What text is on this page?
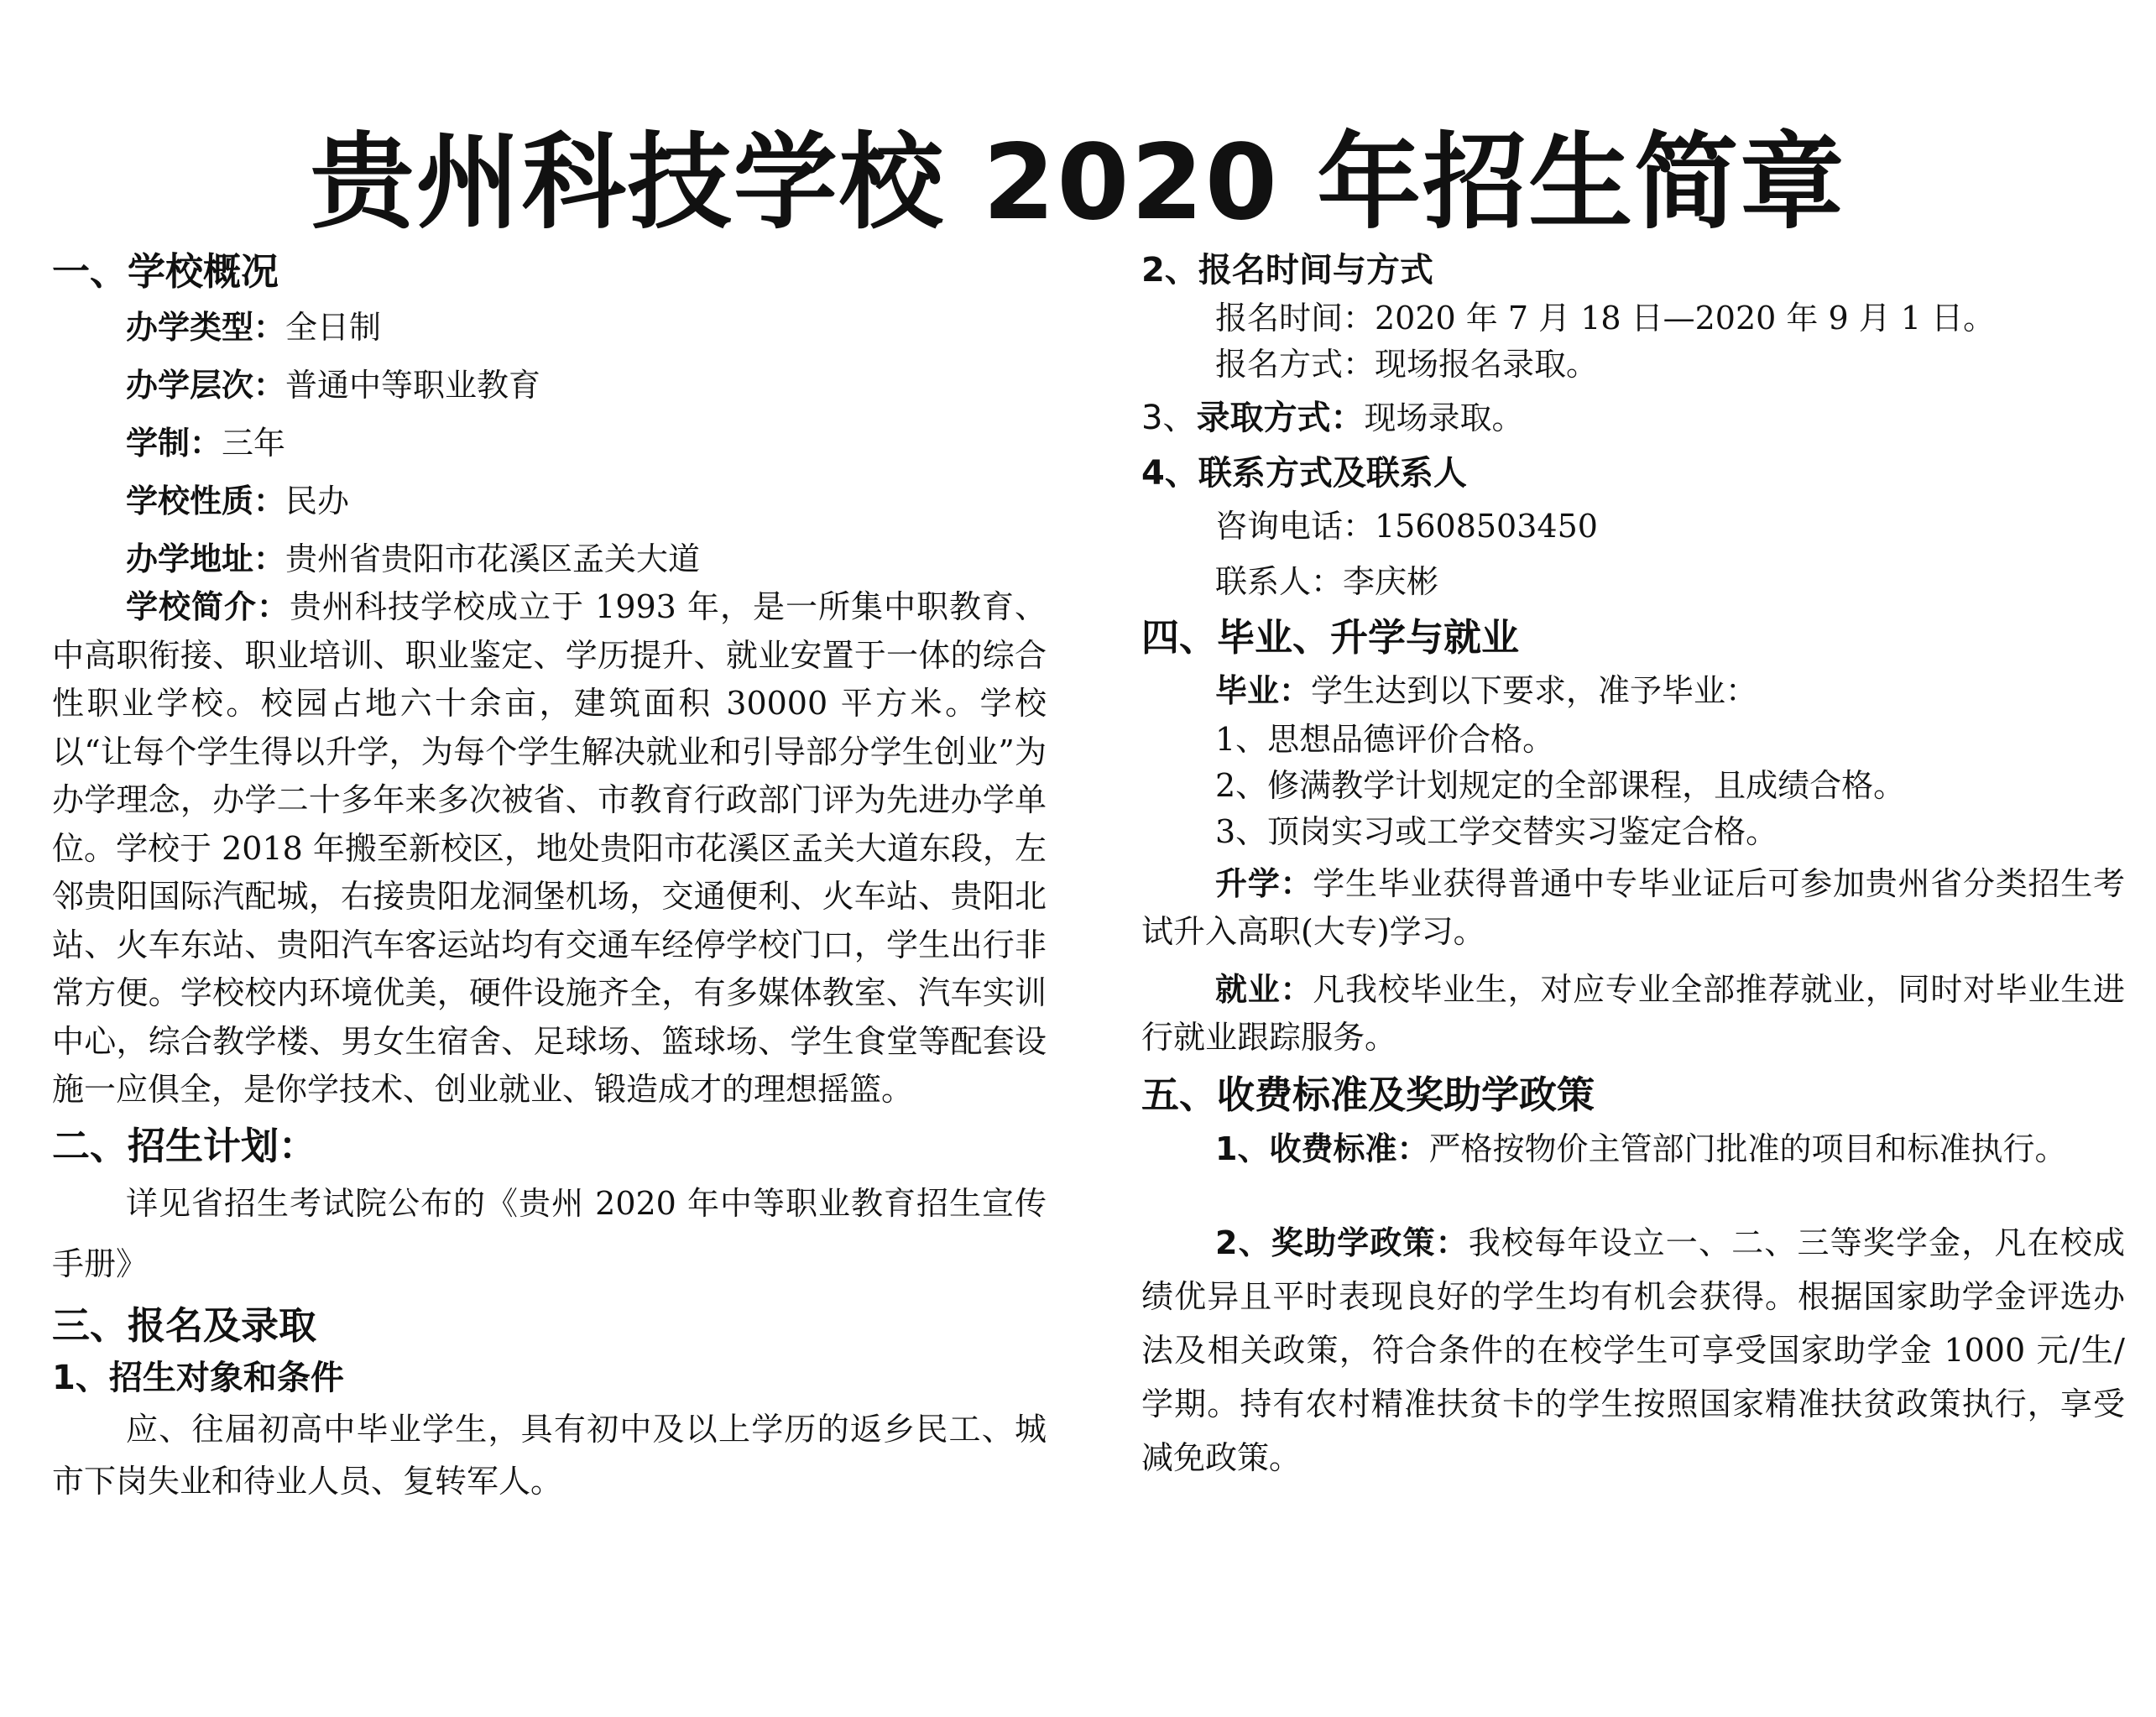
贵州科技学校 2020 年招生简章

一、学校概况

办学类型：全日制

办学层次：普通中等职业教育

学制：三年

学校性质：民办

办学地址：贵州省贵阳市花溪区孟关大道

学校简介：贵州科技学校成立于 1993 年，是一所集中职教育、中高职衔接、职业培训、职业鉴定、学历提升、就业安置于一体的综合性职业学校。校园占地六十余亩，建筑面积 30000 平方米。学校以“让每个学生得以升学，为每个学生解决就业和引导部分学生创业”为办学理念，办学二十多年来多次被省、市教育行政部门评为先进办学单位。学校于 2018 年搬至新校区，地处贵阳市花溪区孟关大道东段，左邻贵阳国际汽配城，右接贵阳龙洞堡机场，交通便利、火车站、贵阳北站、火车东站、贵阳汽车客运站均有交通车经停学校门口，学生出行非常方便。学校校内环境优美，硬件设施齐全，有多媒体教室、汽车实训中心，综合教学楼、男女生宿舍、足球场、篮球场、学生食堂等配套设施一应俱全，是你学技术、创业就业、锻造成才的理想摇篮。

二、招生计划：

详见省招生考试院公布的《贵州 2020 年中等职业教育招生宣传手册》

三、报名及录取

1、招生对象和条件

应、往届初高中毕业学生，具有初中及以上学历的返乡民工、城市下岗失业和待业人员、复转军人。

2、报名时间与方式

报名时间：2020 年 7 月 18 日—2020 年 9 月 1 日。

报名方式：现场报名录取。

3、录取方式：现场录取。

4、联系方式及联系人

咨询电话：15608503450

联系人：李庆彬

四、毕业、升学与就业

毕业：学生达到以下要求，准予毕业：

1、思想品德评价合格。

2、修满教学计划规定的全部课程，且成绩合格。

3、顶岗实习或工学交替实习鉴定合格。

升学：学生毕业获得普通中专毕业证后可参加贵州省分类招生考试升入高职(大专)学习。

就业：凡我校毕业生，对应专业全部推荐就业，同时对毕业生进行就业跟踪服务。

五、收费标准及奖助学政策

1、收费标准：严格按物价主管部门批准的项目和标准执行。

2、奖助学政策：我校每年设立一、二、三等奖学金，凡在校成绩优异且平时表现良好的学生均有机会获得。根据国家助学金评选办法及相关政策，符合条件的在校学生可享受国家助学金 1000 元/生/学期。持有农村精准扶贫卡的学生按照国家精准扶贫政策执行，享受减免政策。
